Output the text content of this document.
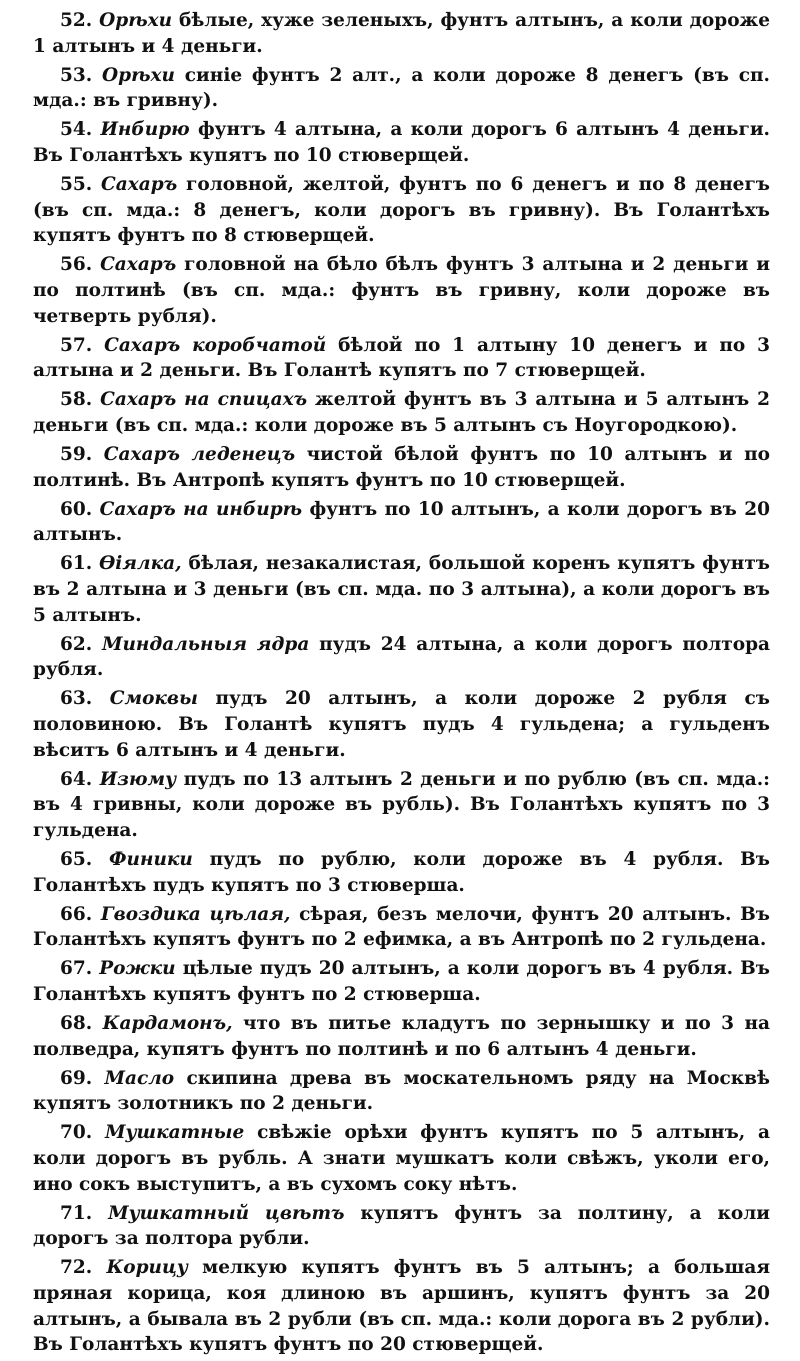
52. Орѣхи бѣлые, хуже зеленыхъ, фунтъ алтынъ, а коли дороже 1 алтынъ и 4 деньги.

53. Орѣхи синіе фунтъ 2 алт., а коли дороже 8 денегъ (въ сп. мда.: въ гривну).

54. Инбирю фунтъ 4 алтына, а коли дорогъ 6 алтынъ 4 деньги. Въ Голантѣхъ купятъ по 10 стюверщей.

55. Сахаръ головной, желтой, фунтъ по 6 денегъ и по 8 денегъ (въ сп. мда.: 8 денегъ, коли дорогъ въ гривну). Въ Голантѣхъ купятъ фунтъ по 8 стюверщей.

56. Сахаръ головной на бѣло бѣлъ фунтъ 3 алтына и 2 деньги и по полтинѣ (въ сп. мда.: фунтъ въ гривну, коли дороже въ четверть рубля).

57. Сахаръ коробчатой бѣлой по 1 алтыну 10 денегъ и по 3 алтына и 2 деньги. Въ Голантѣ купятъ по 7 стюверщей.

58. Сахаръ на спицахъ желтой фунтъ въ 3 алтына и 5 алтынъ 2 деньги (въ сп. мда.: коли дороже въ 5 алтынъ съ Ноугородкою).

59. Сахаръ леденецъ чистой бѣлой фунтъ по 10 алтынъ и по полтинѣ. Въ Антропѣ купятъ фунтъ по 10 стюверщей.

60. Сахаръ на инбирѣ фунтъ по 10 алтынъ, а коли дорогъ въ 20 алтынъ.

61. Ѳіялка, бѣлая, незакалистая, большой коренъ купятъ фунтъ въ 2 алтына и 3 деньги (въ сп. мда. по 3 алтына), а коли дорогъ въ 5 алтынъ.

62. Миндальныя ядра пудъ 24 алтына, а коли дорогъ полтора рубля.

63. Смоквы пудъ 20 алтынъ, а коли дороже 2 рубля съ половиною. Въ Голантѣ купятъ пудъ 4 гульдена; а гульденъ вѣситъ 6 алтынъ и 4 деньги.

64. Изюму пудъ по 13 алтынъ 2 деньги и по рублю (въ сп. мда.: въ 4 гривны, коли дороже въ рубль). Въ Голантѣхъ купятъ по 3 гульдена.

65. Финики пудъ по рублю, коли дороже въ 4 рубля. Въ Голантѣхъ пудъ купятъ по 3 стюверша.

66. Гвоздика цѣлая, сѣрая, безъ мелочи, фунтъ 20 алтынъ. Въ Голантѣхъ купятъ фунтъ по 2 ефимка, а въ Антропѣ по 2 гульдена.

67. Рожки цѣлые пудъ 20 алтынъ, а коли дорогъ въ 4 рубля. Въ Голантѣхъ купятъ фунтъ по 2 стюверша.

68. Кардамонъ, что въ питье кладутъ по зернышку и по 3 на полведра, купятъ фунтъ по полтинѣ и по 6 алтынъ 4 деньги.

69. Масло скипина древа въ москательномъ ряду на Москвѣ купятъ золотникъ по 2 деньги.

70. Мушкатные свѣжіе орѣхи фунтъ купятъ по 5 алтынъ, а коли дорогъ въ рубль. А знати мушкатъ коли свѣжъ, уколи его, ино сокъ выступитъ, а въ сухомъ соку нѣтъ.

71. Мушкатный цвѣтъ купятъ фунтъ за полтину, а коли дорогъ за полтора рубли.

72. Корицу мелкую купятъ фунтъ въ 5 алтынъ; а большая пряная корица, коя длиною въ аршинъ, купятъ фунтъ за 20 алтынъ, а бывала въ 2 рубли (въ сп. мда.: коли дорога въ 2 рубли). Въ Голантѣхъ купятъ фунтъ по 20 стюверщей.
